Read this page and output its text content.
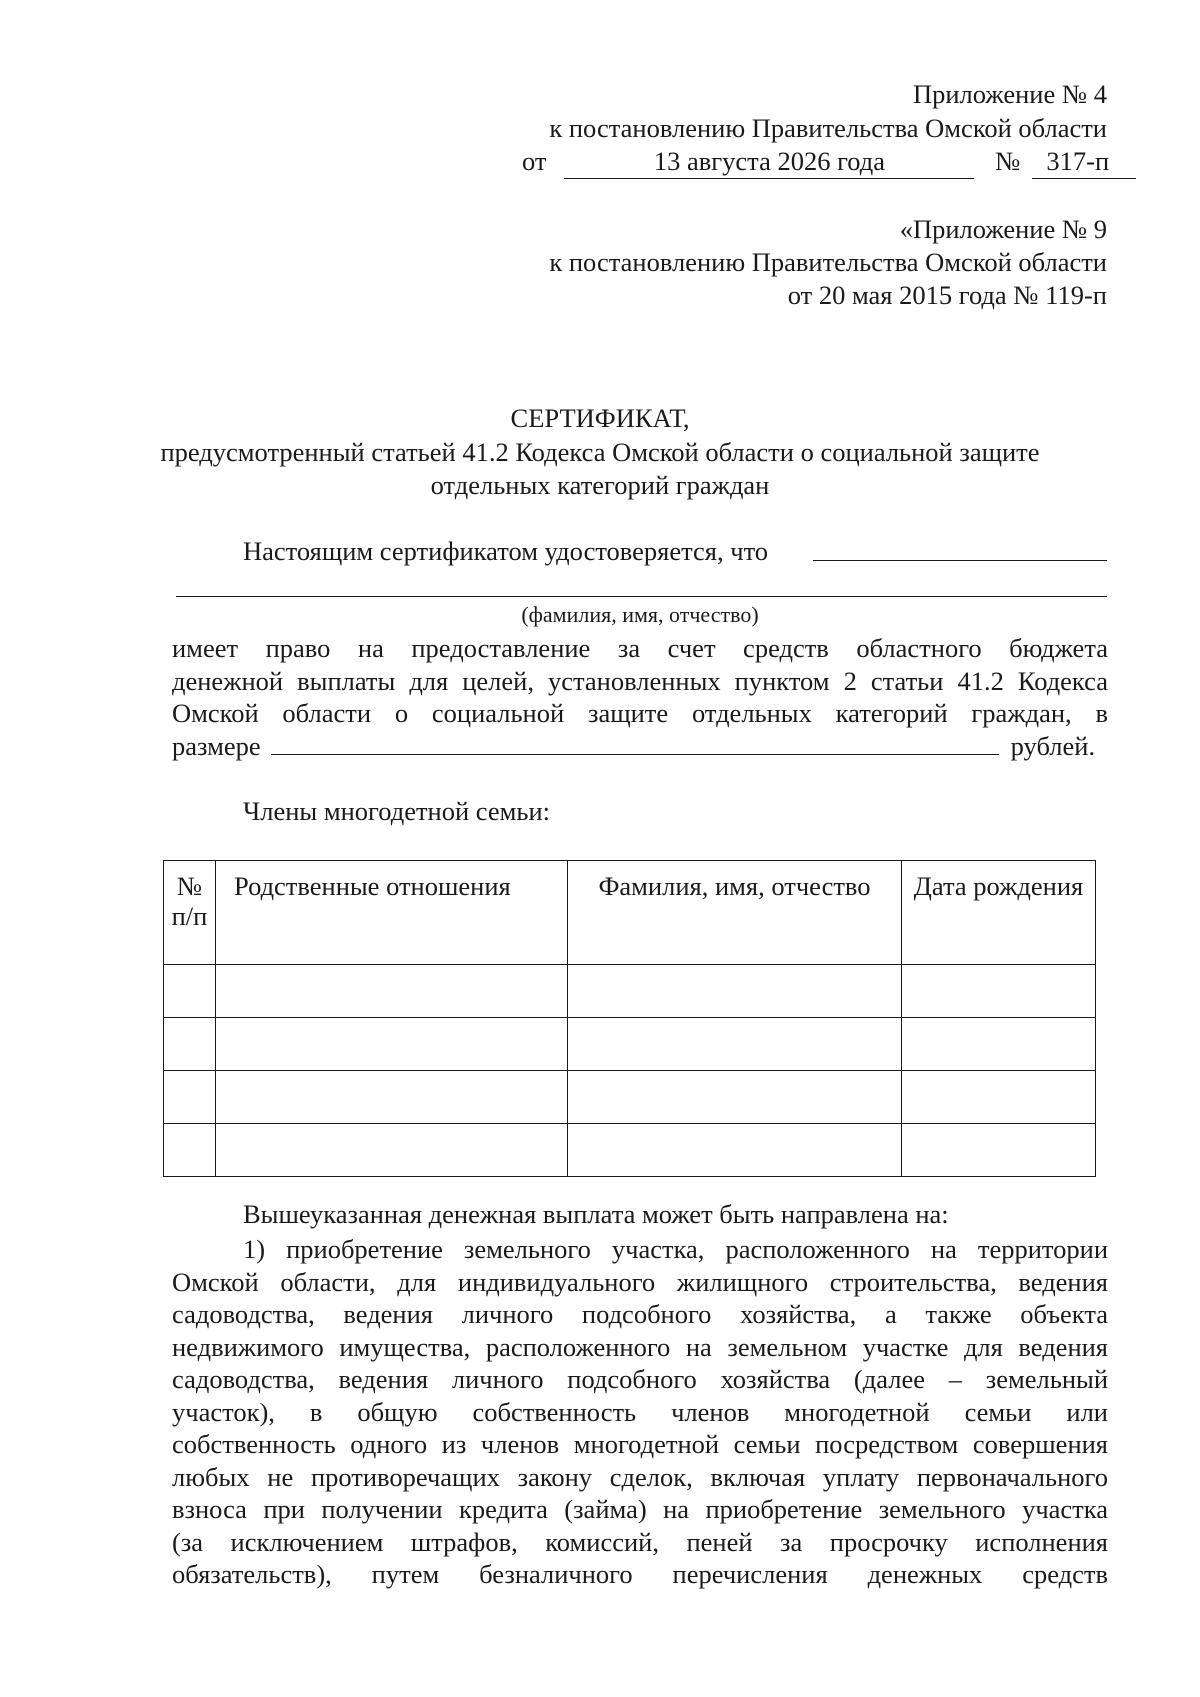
Приложение № 4
к постановлению Правительства Омской области
от	13 августа 2026 года	№ 317-п
«Приложение № 9
к постановлению Правительства Омской области
от 20 мая 2015 года № 119-п
СЕРТИФИКАТ,
предусмотренный статьей 41.2 Кодекса Омской области о социальной защите
отдельных категорий граждан
Настоящим сертификатом удостоверяется, что
(фамилия, имя, отчество)
имеет право на предоставление за счет средств областного бюджета
денежной выплаты для целей, установленных пунктом 2 статьи 41.2 Кодекса
Омской области о социальной защите отдельных категорий граждан, в
размере	рублей.
Члены многодетной семьи:
№ п/п	Родственные отношения	Фамилия, имя, отчество	Дата рождения

Вышеуказанная денежная выплата может быть направлена на:
1) приобретение земельного участка, расположенного на территории
Омской области, для индивидуального жилищного строительства, ведения
садоводства, ведения личного подсобного хозяйства, а также объекта
недвижимого имущества, расположенного на земельном участке для ведения
садоводства, ведения личного подсобного хозяйства (далее – земельный
участок), в общую собственность членов многодетной семьи или
собственность одного из членов многодетной семьи посредством совершения
любых не противоречащих закону сделок, включая уплату первоначального
взноса при получении кредита (займа) на приобретение земельного участка
(за исключением штрафов, комиссий, пеней за просрочку исполнения
обязательств), путем безналичного перечисления денежных средств
